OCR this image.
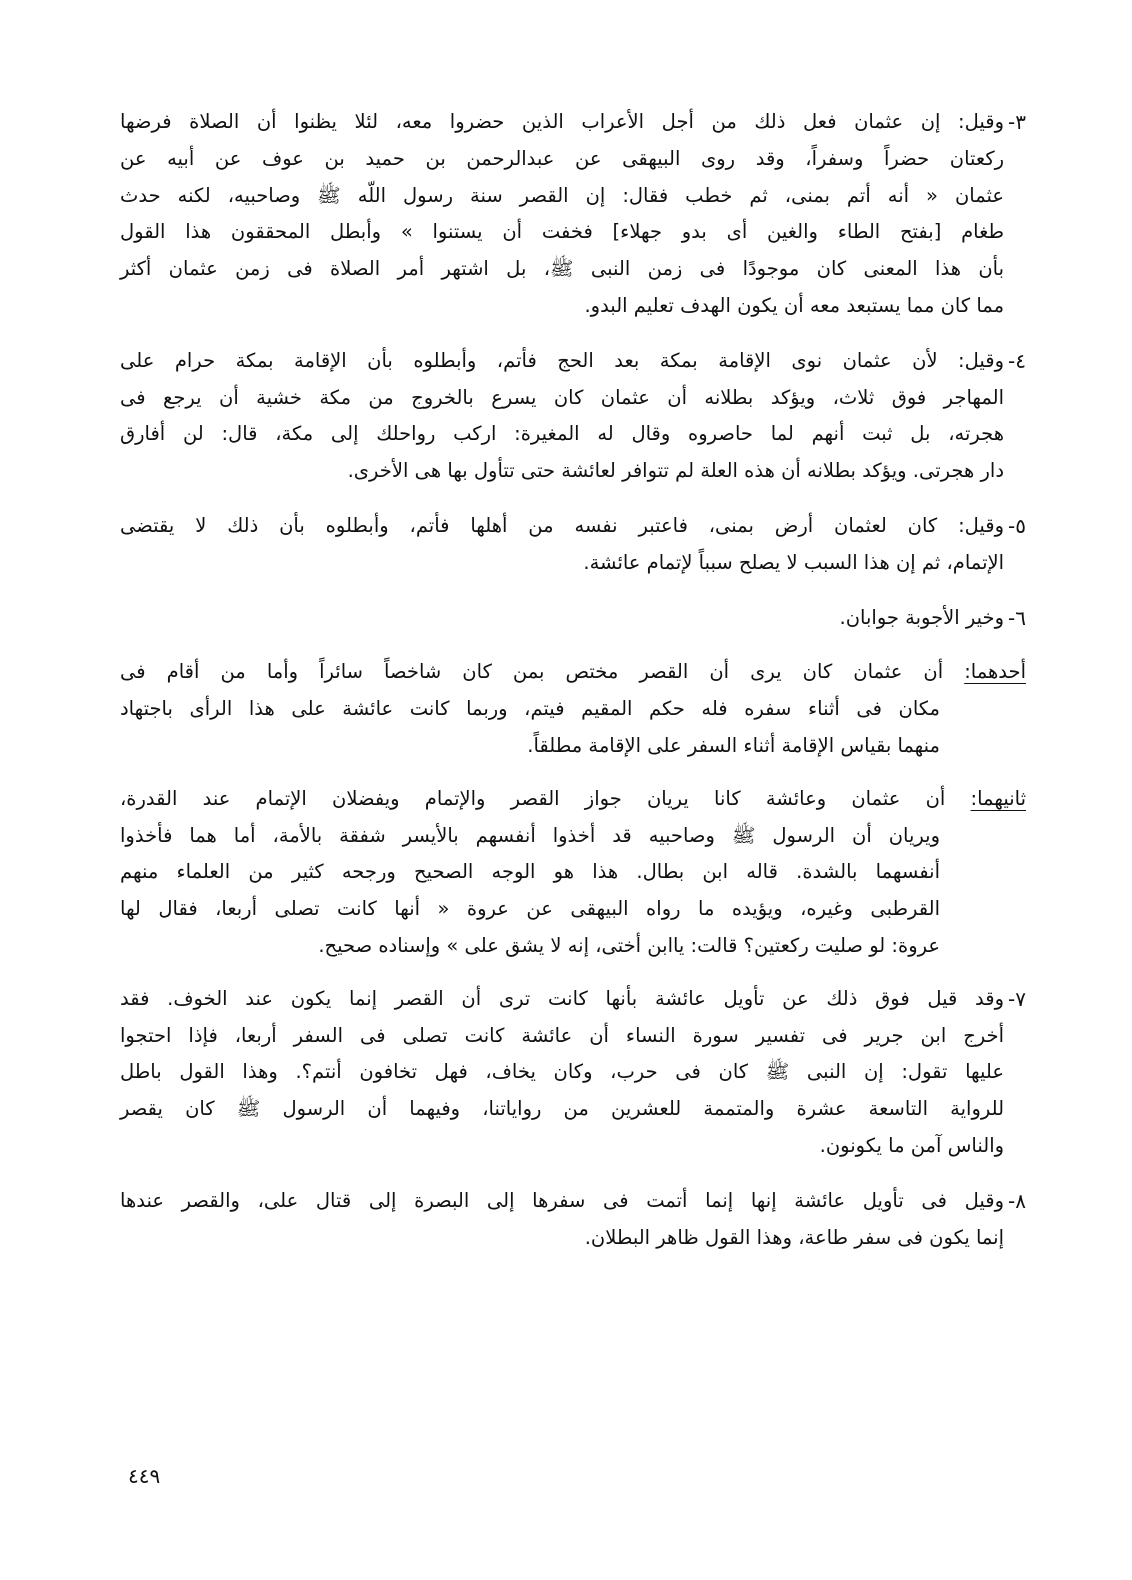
٣-
وقيل: إن عثمان فعل ذلك من أجل الأعراب الذين حضروا معه، لئلا يظنوا أن الصلاة فرضها
ركعتان حضراً وسفراً، وقد روى البيهقى عن عبدالرحمن بن حميد بن عوف عن أبيه عن
عثمان « أنه أتم بمنى، ثم خطب فقال: إن القصر سنة رسول اللّه ﷺ وصاحبيه، لكنه حدث
طغام [بفتح الطاء والغين أى بدو جهلاء] فخفت أن يستنوا » وأبطل المحققون هذا القول
بأن هذا المعنى كان موجودًا فى زمن النبى ﷺ، بل اشتهر أمر الصلاة فى زمن عثمان أكثر
مما كان مما يستبعد معه أن يكون الهدف تعليم البدو.
٤-
وقيل: لأن عثمان نوى الإقامة بمكة بعد الحج فأتم، وأبطلوه بأن الإقامة بمكة حرام على
المهاجر فوق ثلاث، ويؤكد بطلانه أن عثمان كان يسرع بالخروج من مكة خشية أن يرجع فى
هجرته، بل ثبت أنهم لما حاصروه وقال له المغيرة: اركب رواحلك إلى مكة، قال: لن أفارق
دار هجرتى. ويؤكد بطلانه أن هذه العلة لم تتوافر لعائشة حتى تتأول بها هى الأخرى.
٥-
وقيل: كان لعثمان أرض بمنى، فاعتبر نفسه من أهلها فأتم، وأبطلوه بأن ذلك لا يقتضى
الإتمام، ثم إن هذا السبب لا يصلح سبباً لإتمام عائشة.
٦-
وخير الأجوبة جوابان.
أحدهما: أن عثمان كان يرى أن القصر مختص بمن كان شاخصاً سائراً وأما من أقام فى
مكان فى أثناء سفره فله حكم المقيم فيتم، وربما كانت عائشة على هذا الرأى باجتهاد
منهما بقياس الإقامة أثناء السفر على الإقامة مطلقاً.
ثانيهما: أن عثمان وعائشة كانا يريان جواز القصر والإتمام ويفضلان الإتمام عند القدرة،
ويريان أن الرسول ﷺ وصاحبيه قد أخذوا أنفسهم بالأيسر شفقة بالأمة، أما هما فأخذوا
أنفسهما بالشدة. قاله ابن بطال. هذا هو الوجه الصحيح ورجحه كثير من العلماء منهم
القرطبى وغيره، ويؤيده ما رواه البيهقى عن عروة « أنها كانت تصلى أربعا، فقال لها
عروة: لو صليت ركعتين؟ قالت: ياابن أختى، إنه لا يشق على » وإسناده صحيح.
٧-
وقد قيل فوق ذلك عن تأويل عائشة بأنها كانت ترى أن القصر إنما يكون عند الخوف. فقد
أخرج ابن جرير فى تفسير سورة النساء أن عائشة كانت تصلى فى السفر أربعا، فإذا احتجوا
عليها تقول: إن النبى ﷺ كان فى حرب، وكان يخاف، فهل تخافون أنتم؟. وهذا القول باطل
للرواية التاسعة عشرة والمتممة للعشرين من رواياتنا، وفيهما أن الرسول ﷺ كان يقصر
والناس آمن ما يكونون.
٨-
وقيل فى تأويل عائشة إنها إنما أتمت فى سفرها إلى البصرة إلى قتال على، والقصر عندها
إنما يكون فى سفر طاعة، وهذا القول ظاهر البطلان.
٤٤٩
